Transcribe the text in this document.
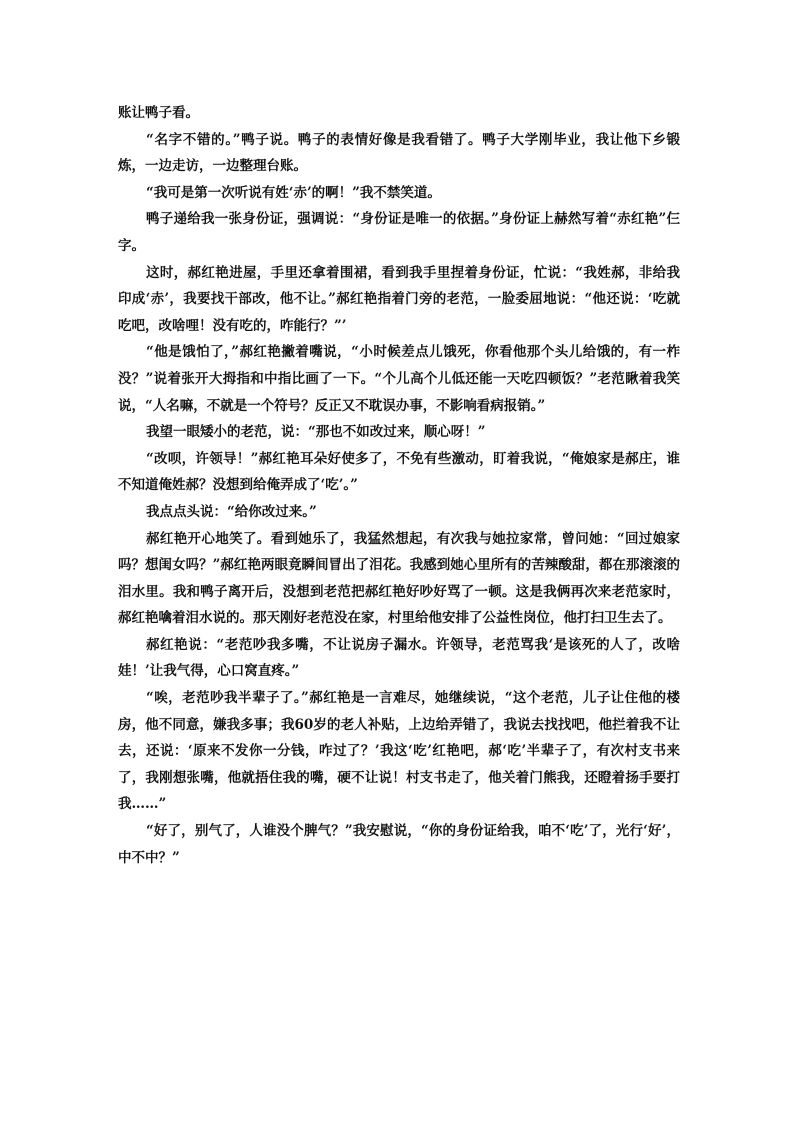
账让鸭子看。

“名字不错的。”鸭子说。鸭子的表情好像是我看错了。鸭子大学刚毕业，我让他下乡锻炼，一边走访，一边整理台账。

“我可是第一次听说有姓‘赤’的啊！”我不禁笑道。

鸭子递给我一张身份证，强调说：“身份证是唯一的依据。”身份证上赫然写着“赤红艳”仨字。

这时，郝红艳进屋，手里还拿着围裙，看到我手里捏着身份证，忙说：“我姓郝，非给我印成‘赤’，我要找干部改，他不让。”郝红艳指着门旁的老范，一脸委屈地说：“他还说：‘吃就吃吧，改啥哩！没有吃的，咋能行？”’

“他是饿怕了，”郝红艳撇着嘴说，“小时候差点儿饿死，你看他那个头儿给饿的，有一柞没？”说着张开大拇指和中指比画了一下。“个儿高个儿低还能一天吃四顿饭？”老范瞅着我笑说，“人名嘛，不就是一个符号？反正又不耽误办事，不影响看病报销。”

我望一眼矮小的老范，说：“那也不如改过来，顺心呀！”

“改呗，许领导！”郝红艳耳朵好使多了，不免有些激动，盯着我说，“俺娘家是郝庄，谁不知道俺姓郝？没想到给俺弄成了‘吃’。”

我点点头说：“给你改过来。”

郝红艳开心地笑了。看到她乐了，我猛然想起，有次我与她拉家常，曾问她：“回过娘家吗？想闺女吗？”郝红艳两眼竟瞬间冒出了泪花。我感到她心里所有的苦辣酸甜，都在那滚滚的泪水里。我和鸭子离开后，没想到老范把郝红艳好吵好骂了一顿。这是我俩再次来老范家时，郝红艳噙着泪水说的。那天刚好老范没在家，村里给他安排了公益性岗位，他打扫卫生去了。

郝红艳说：“老范吵我多嘴，不让说房子漏水。许领导，老范骂我‘是该死的人了，改啥娃！’让我气得，心口窝直疼。”

“唉，老范吵我半辈子了。”郝红艳是一言难尽，她继续说，“这个老范，儿子让住他的楼房，他不同意，嫌我多事；我60岁的老人补贴，上边给弄错了，我说去找找吧，他拦着我不让去，还说：‘原来不发你一分钱，咋过了？’我这‘吃’红艳吧，郝‘吃’半辈子了，有次村支书来了，我刚想张嘴，他就捂住我的嘴，硬不让说！村支书走了，他关着门熊我，还瞪着扬手要打我……”

“好了，别气了，人谁没个脾气？”我安慰说，“你的身份证给我，咱不‘吃’了，光行‘好’，中不中？”
